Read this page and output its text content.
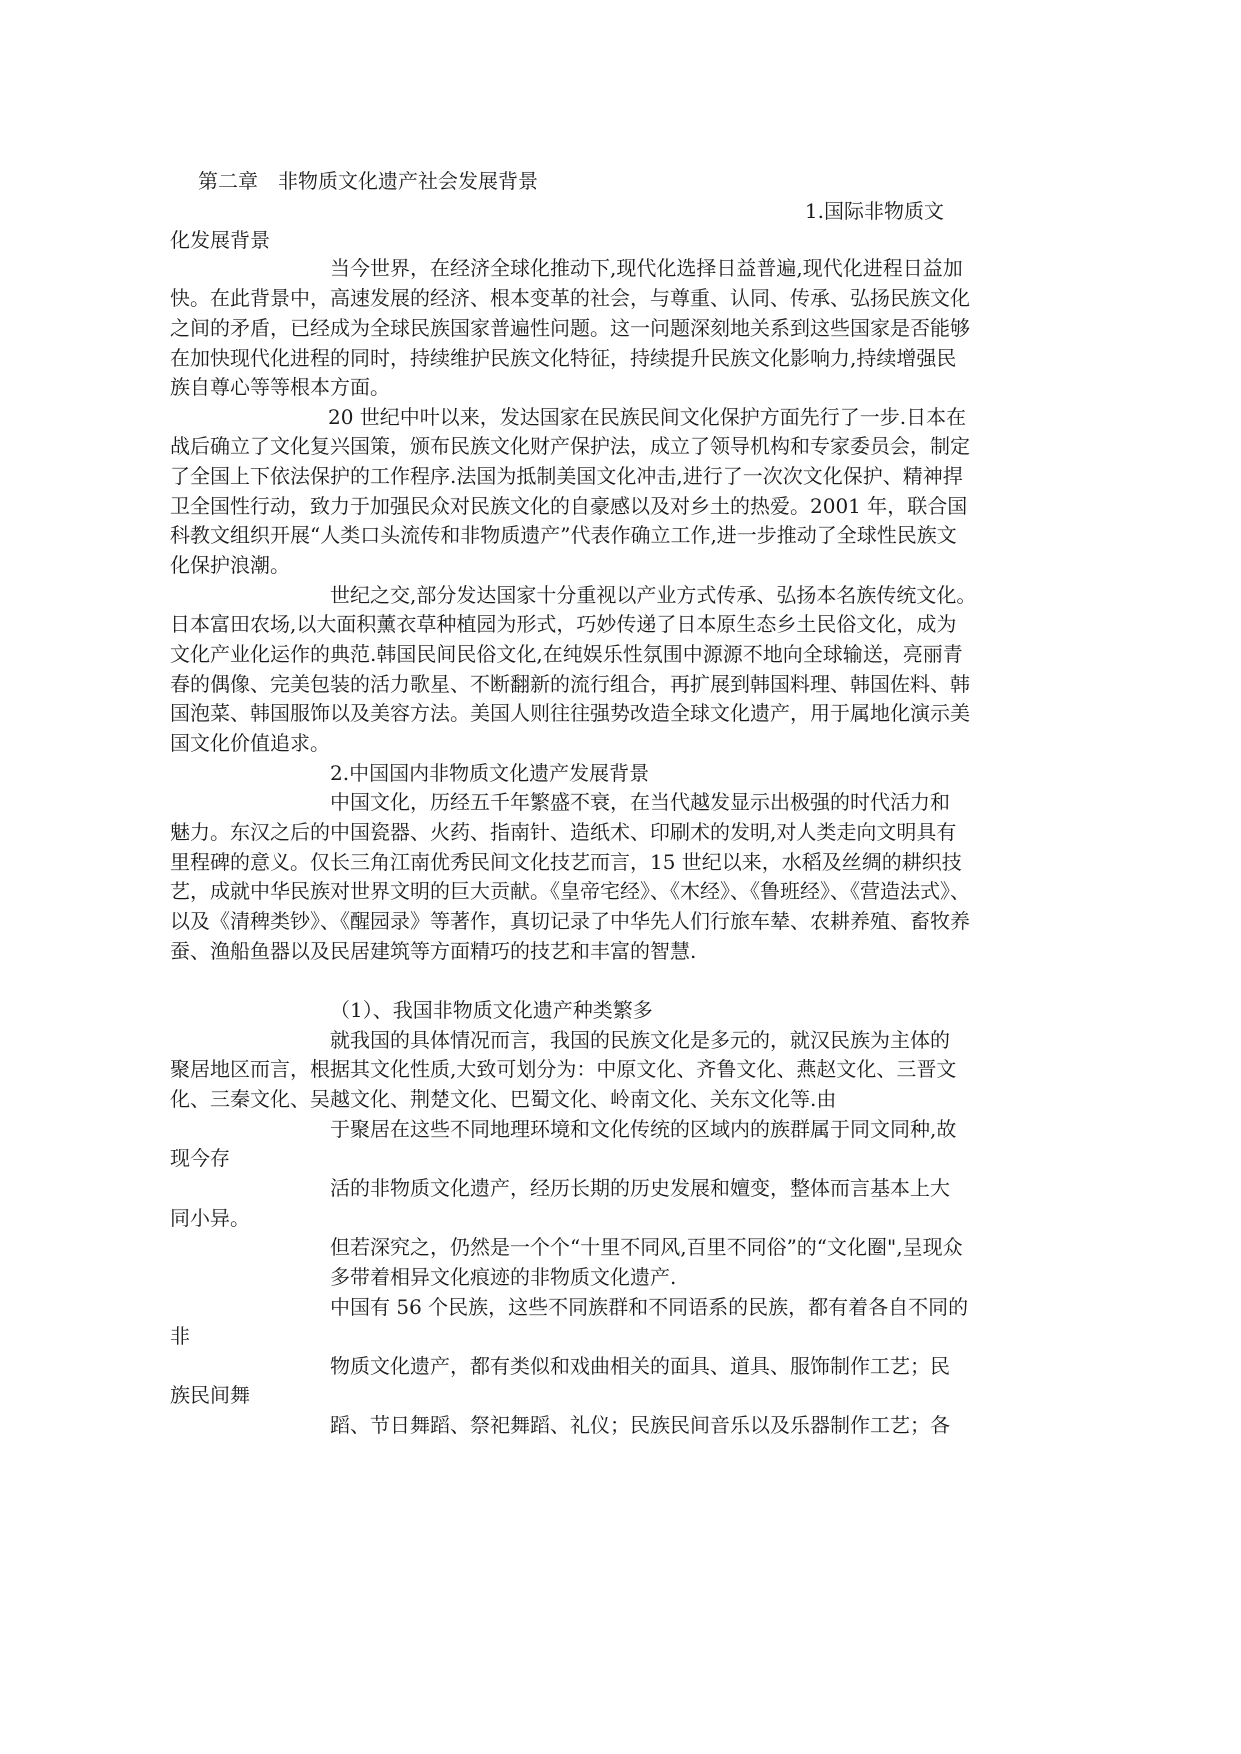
第二章　非物质文化遗产社会发展背景
1.国际非物质文
化发展背景
当今世界，在经济全球化推动下,现代化选择日益普遍,现代化进程日益加
快。在此背景中，高速发展的经济、根本变革的社会，与尊重、认同、传承、弘扬民族文化
之间的矛盾，已经成为全球民族国家普遍性问题。这一问题深刻地关系到这些国家是否能够
在加快现代化进程的同时，持续维护民族文化特征，持续提升民族文化影响力,持续增强民
族自尊心等等根本方面。
20 世纪中叶以来，发达国家在民族民间文化保护方面先行了一步.日本在
战后确立了文化复兴国策，颁布民族文化财产保护法，成立了领导机构和专家委员会，制定
了全国上下依法保护的工作程序.法国为抵制美国文化冲击,进行了一次次文化保护、精神捍
卫全国性行动，致力于加强民众对民族文化的自豪感以及对乡土的热爱。2001 年，联合国
科教文组织开展“人类口头流传和非物质遗产”代表作确立工作,进一步推动了全球性民族文
化保护浪潮。
世纪之交,部分发达国家十分重视以产业方式传承、弘扬本名族传统文化。
日本富田农场,以大面积薰衣草种植园为形式，巧妙传递了日本原生态乡土民俗文化，成为
文化产业化运作的典范.韩国民间民俗文化,在纯娱乐性氛围中源源不地向全球输送，亮丽青
春的偶像、完美包装的活力歌星、不断翻新的流行组合，再扩展到韩国料理、韩国佐料、韩
国泡菜、韩国服饰以及美容方法。美国人则往往强势改造全球文化遗产，用于属地化演示美
国文化价值追求。
2.中国国内非物质文化遗产发展背景
中国文化，历经五千年繁盛不衰，在当代越发显示出极强的时代活力和
魅力。东汉之后的中国瓷器、火药、指南针、造纸术、印刷术的发明,对人类走向文明具有
里程碑的意义。仅长三角江南优秀民间文化技艺而言，15 世纪以来，水稻及丝绸的耕织技
艺，成就中华民族对世界文明的巨大贡献。《皇帝宅经》、《木经》、《鲁班经》、《营造法式》、
以及《清稗类钞》、《醒园录》等著作，真切记录了中华先人们行旅车辇、农耕养殖、畜牧养
蚕、渔船鱼器以及民居建筑等方面精巧的技艺和丰富的智慧.
（1）、我国非物质文化遗产种类繁多
就我国的具体情况而言，我国的民族文化是多元的，就汉民族为主体的
聚居地区而言，根据其文化性质,大致可划分为：中原文化、齐鲁文化、燕赵文化、三晋文
化、三秦文化、吴越文化、荆楚文化、巴蜀文化、岭南文化、关东文化等.由
于聚居在这些不同地理环境和文化传统的区域内的族群属于同文同种,故
现今存
活的非物质文化遗产，经历长期的历史发展和嬗变，整体而言基本上大
同小异。
但若深究之，仍然是一个个“十里不同风,百里不同俗”的“文化圈",呈现众
多带着相异文化痕迹的非物质文化遗产.
中国有 56 个民族，这些不同族群和不同语系的民族，都有着各自不同的
非
物质文化遗产，都有类似和戏曲相关的面具、道具、服饰制作工艺；民
族民间舞
蹈、节日舞蹈、祭祀舞蹈、礼仪；民族民间音乐以及乐器制作工艺；各
